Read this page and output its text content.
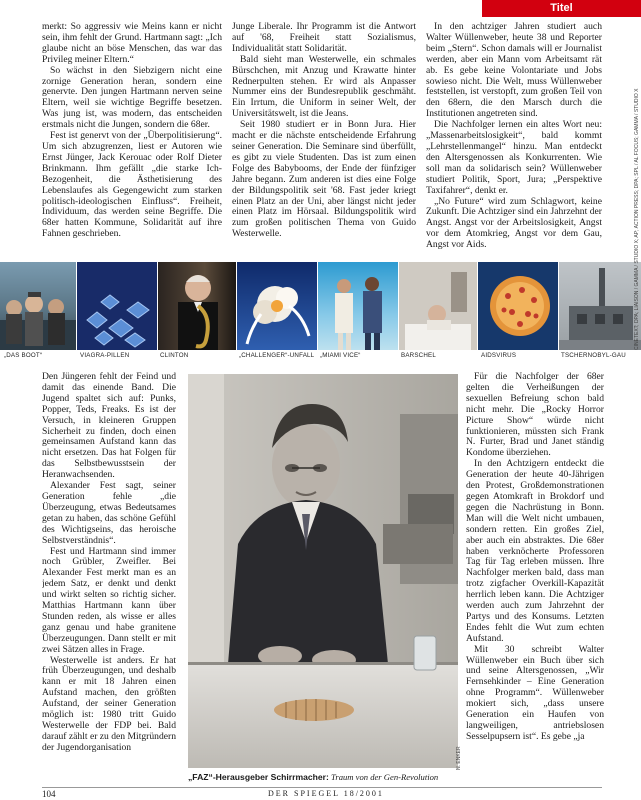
Titel

merkt: So aggressiv wie Meins kann er nicht sein, ihm fehlt der Grund. Hartmann sagt: „Ich glaube nicht an böse Menschen, das war das Privileg meiner Eltern.“

So wächst in den Siebzigern nicht eine zornige Generation heran, sondern eine genervte. Den jungen Hartmann nerven seine Eltern, weil sie wichtige Begriffe besetzen. Was jung ist, was modern, das entscheiden erstmals nicht die Jungen, sondern die 68er.

Fest ist genervt von der „Überpolitisierung“. Um sich abzugrenzen, liest er Autoren wie Ernst Jünger, Jack Kerouac oder Rolf Dieter Brinkmann. Ihm gefällt „die starke Ich-Bezogenheit, die Ästhetisierung des Lebenslaufes als Gegengewicht zum starken politisch-ideologischen Einfluss“. Freiheit, Individuum, das werden seine Begriffe. Die 68er hatten Kommune, Solidarität auf ihre Fahnen geschrieben.

Junge Liberale. Ihr Programm ist die Antwort auf '68, Freiheit statt Sozialismus, Individualität statt Solidarität.

Bald sieht man Westerwelle, ein schmales Bürschchen, mit Anzug und Krawatte hinter Rednerpulten stehen. Er wird als Anpasser Nummer eins der Bundesrepublik geschmäht. Ein Irrtum, die Uniform in seiner Welt, der Universitätswelt, ist die Jeans.

Seit 1980 studiert er in Bonn Jura. Hier macht er die nächste entscheidende Erfahrung seiner Generation. Die Seminare sind überfüllt, es gibt zu viele Studenten. Das ist zum einen Folge des Babybooms, der Ende der fünfziger Jahre begann. Zum anderen ist dies eine Folge der Bildungspolitik seit '68. Fast jeder kriegt einen Platz an der Uni, aber längst nicht jeder einen Platz im Hörsaal. Bildungspolitik wird zum großen politischen Thema von Guido Westerwelle.

In den achtziger Jahren studiert auch Walter Wüllenweber, heute 38 und Reporter beim „Stern“. Schon damals will er Journalist werden, aber ein Mann vom Arbeitsamt rät ab. Es gebe keine Volontariate und Jobs sowieso nicht. Die Welt, muss Wüllenweber feststellen, ist verstopft, zum großen Teil von den 68ern, die den Marsch durch die Institutionen angetreten sind.

Die Nachfolger lernen ein altes Wort neu: „Massenarbeitslosigkeit“, bald kommt „Lehrstellenmangel“ hinzu. Man entdeckt den Altersgenossen als Konkurrenten. Wie soll man da solidarisch sein? Wüllenweber studiert Politik, Sport, Jura; „Perspektive Taxifahrer“, denkt er.

„No Future“ wird zum Schlagwort, keine Zukunft. Die Achtziger sind ein Jahrzehnt der Angst. Angst vor der Arbeitslosigkeit, Angst vor dem Atomkrieg, Angst vor dem Gau, Angst vor Aids.

„DAS BOOT“	VIAGRA-PILLEN	CLINTON	„CHALLENGER“-UNFALL „MIAMI VICE“	BARSCHEL	AIDSVIRUS	TSCHERNOBYL-GAU
CINETEXT; DPA; LIAISON / GAMMA / STUDIO X; AP; ACTION PRESS; DPA; SPL / AL FOCUS; GAMMA / STUDIO X

Den Jüngeren fehlt der Feind und damit das einende Band. Die Jugend spaltet sich auf: Punks, Popper, Teds, Freaks. Es ist der Versuch, in kleineren Gruppen Sicherheit zu finden, doch einen gemeinsamen Aufstand kann das nicht ersetzen. Das hat Folgen für das Selbstbewusstsein der Heranwachsenden.

Alexander Fest sagt, seiner Generation fehle „die Überzeugung, etwas Bedeutsames getan zu haben, das schöne Gefühl des Wichtigseins, das heroische Selbstverständnis“.

Fest und Hartmann sind immer noch Grübler, Zweifler. Bei Alexander Fest merkt man es an jedem Satz, er denkt und denkt und wirkt selten so richtig sicher. Matthias Hartmann kann über Stunden reden, als wisse er alles ganz genau und habe granitene Überzeugungen. Dann stellt er mit zwei Sätzen alles in Frage.

Westerwelle ist anders. Er hat früh Überzeugungen, und deshalb kann er mit 18 Jahren einen Aufstand machen, den größten Aufstand, der seiner Generation möglich ist: 1980 tritt Guido Westerwelle der FDP bei. Bald darauf zählt er zu den Mitgründern der Jugendorganisation	N. ENKER
„FAZ“-Herausgeber Schirrmacher: Traum von der Gen-Revolution

Für die Nachfolger der 68er gelten die Verheißungen der sexuellen Befreiung schon bald nicht mehr. Die „Rocky Horror Picture Show“ würde nicht funktionieren, müssten sich Frank N. Furter, Brad und Janet ständig Kondome überziehen.

In den Achtzigern entdeckt die Generation der heute 40-Jährigen den Protest, Großdemonstrationen gegen Atomkraft in Brokdorf und gegen die Nachrüstung in Bonn. Man will die Welt nicht umbauen, sondern retten. Ein großes Ziel, aber auch ein abstraktes. Die 68er haben verknöcherte Professoren Tag für Tag erleben müssen. Ihre Nachfolger merken bald, dass man trotz zigfacher Overkill-Kapazität herrlich leben kann. Die Achtziger werden auch zum Jahrzehnt der Partys und des Konsums. Letzten Endes fehlt die Wut zum echten Aufstand.

Mit 30 schreibt Walter Wüllenweber ein Buch über sich und seine Altersgenossen, „Wir Fernsehkinder – Eine Generation ohne Programm“. Wüllenweber mokiert sich, „dass unsere Generation ein Haufen von langweiligen, antriebslosen Sesselpupsern ist“. Es gebe „ja

104	DER SPIEGEL 18/2001
